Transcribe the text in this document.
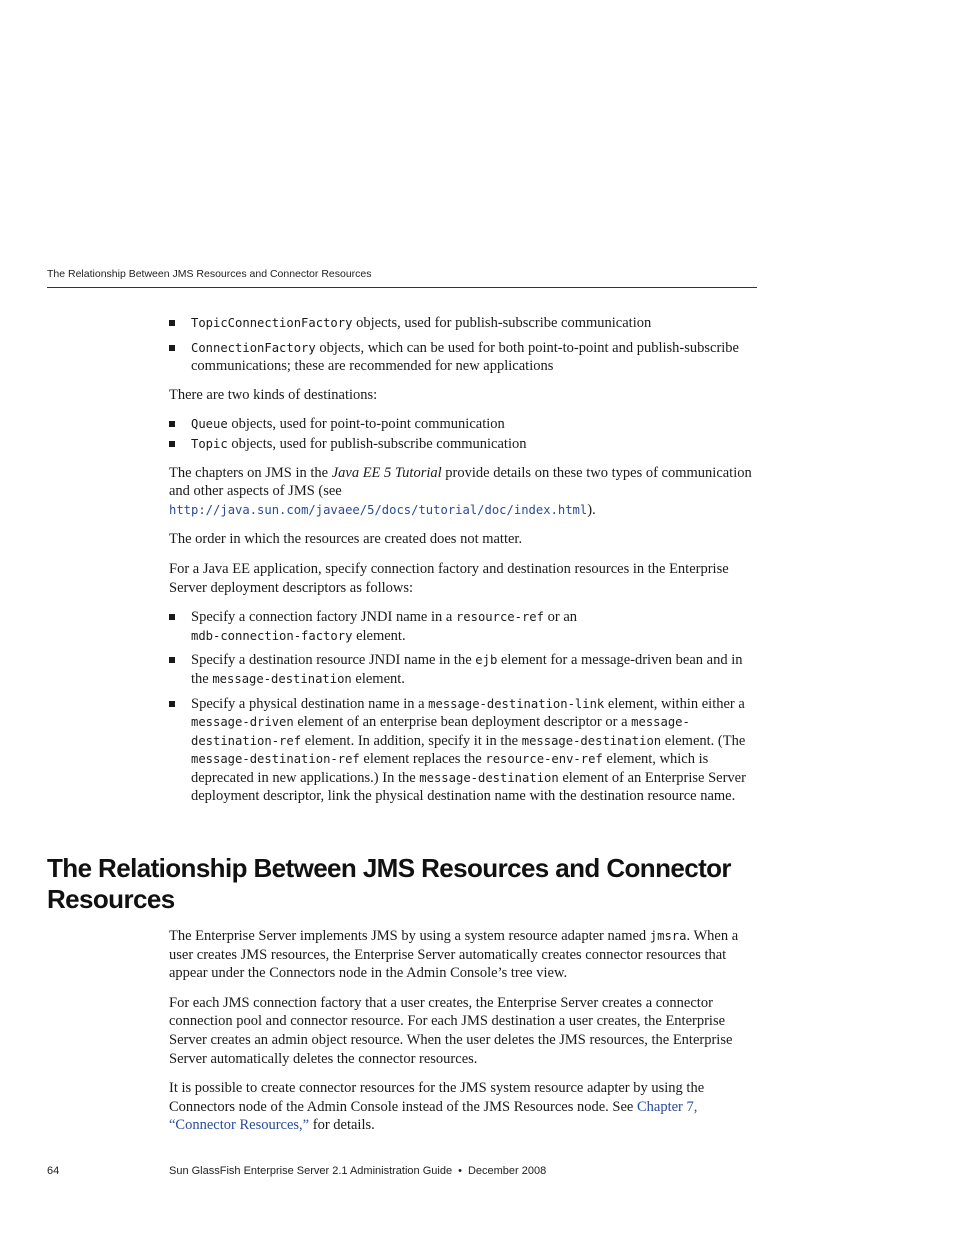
The Relationship Between JMS Resources and Connector Resources
TopicConnectionFactory objects, used for publish-subscribe communication
ConnectionFactory objects, which can be used for both point-to-point and publish-subscribe communications; these are recommended for new applications

There are two kinds of destinations:

Queue objects, used for point-to-point communication
Topic objects, used for publish-subscribe communication

The chapters on JMS in the Java EE 5 Tutorial provide details on these two types of communication and other aspects of JMS (see
http://java.sun.com/javaee/5/docs/tutorial/doc/index.html).

The order in which the resources are created does not matter.

For a Java EE application, specify connection factory and destination resources in the Enterprise Server deployment descriptors as follows:

Specify a connection factory JNDI name in a resource-ref or an
mdb-connection-factory element.
Specify a destination resource JNDI name in the ejb element for a message-driven bean and in the message-destination element.
Specify a physical destination name in a message-destination-link element, within either a message-driven element of an enterprise bean deployment descriptor or a message-destination-ref element. In addition, specify it in the message-destination element. (The message-destination-ref element replaces the resource-env-ref element, which is deprecated in new applications.) In the message-destination element of an Enterprise Server deployment descriptor, link the physical destination name with the destination resource name.
The Relationship Between JMS Resources and Connector Resources

The Enterprise Server implements JMS by using a system resource adapter named jmsra. When a user creates JMS resources, the Enterprise Server automatically creates connector resources that appear under the Connectors node in the Admin Console’s tree view.

For each JMS connection factory that a user creates, the Enterprise Server creates a connector connection pool and connector resource. For each JMS destination a user creates, the Enterprise Server creates an admin object resource. When the user deletes the JMS resources, the Enterprise Server automatically deletes the connector resources.

It is possible to create connector resources for the JMS system resource adapter by using the Connectors node of the Admin Console instead of the JMS Resources node. See Chapter 7, “Connector Resources,” for details.

64	Sun GlassFish Enterprise Server 2.1 Administration Guide • December 2008
